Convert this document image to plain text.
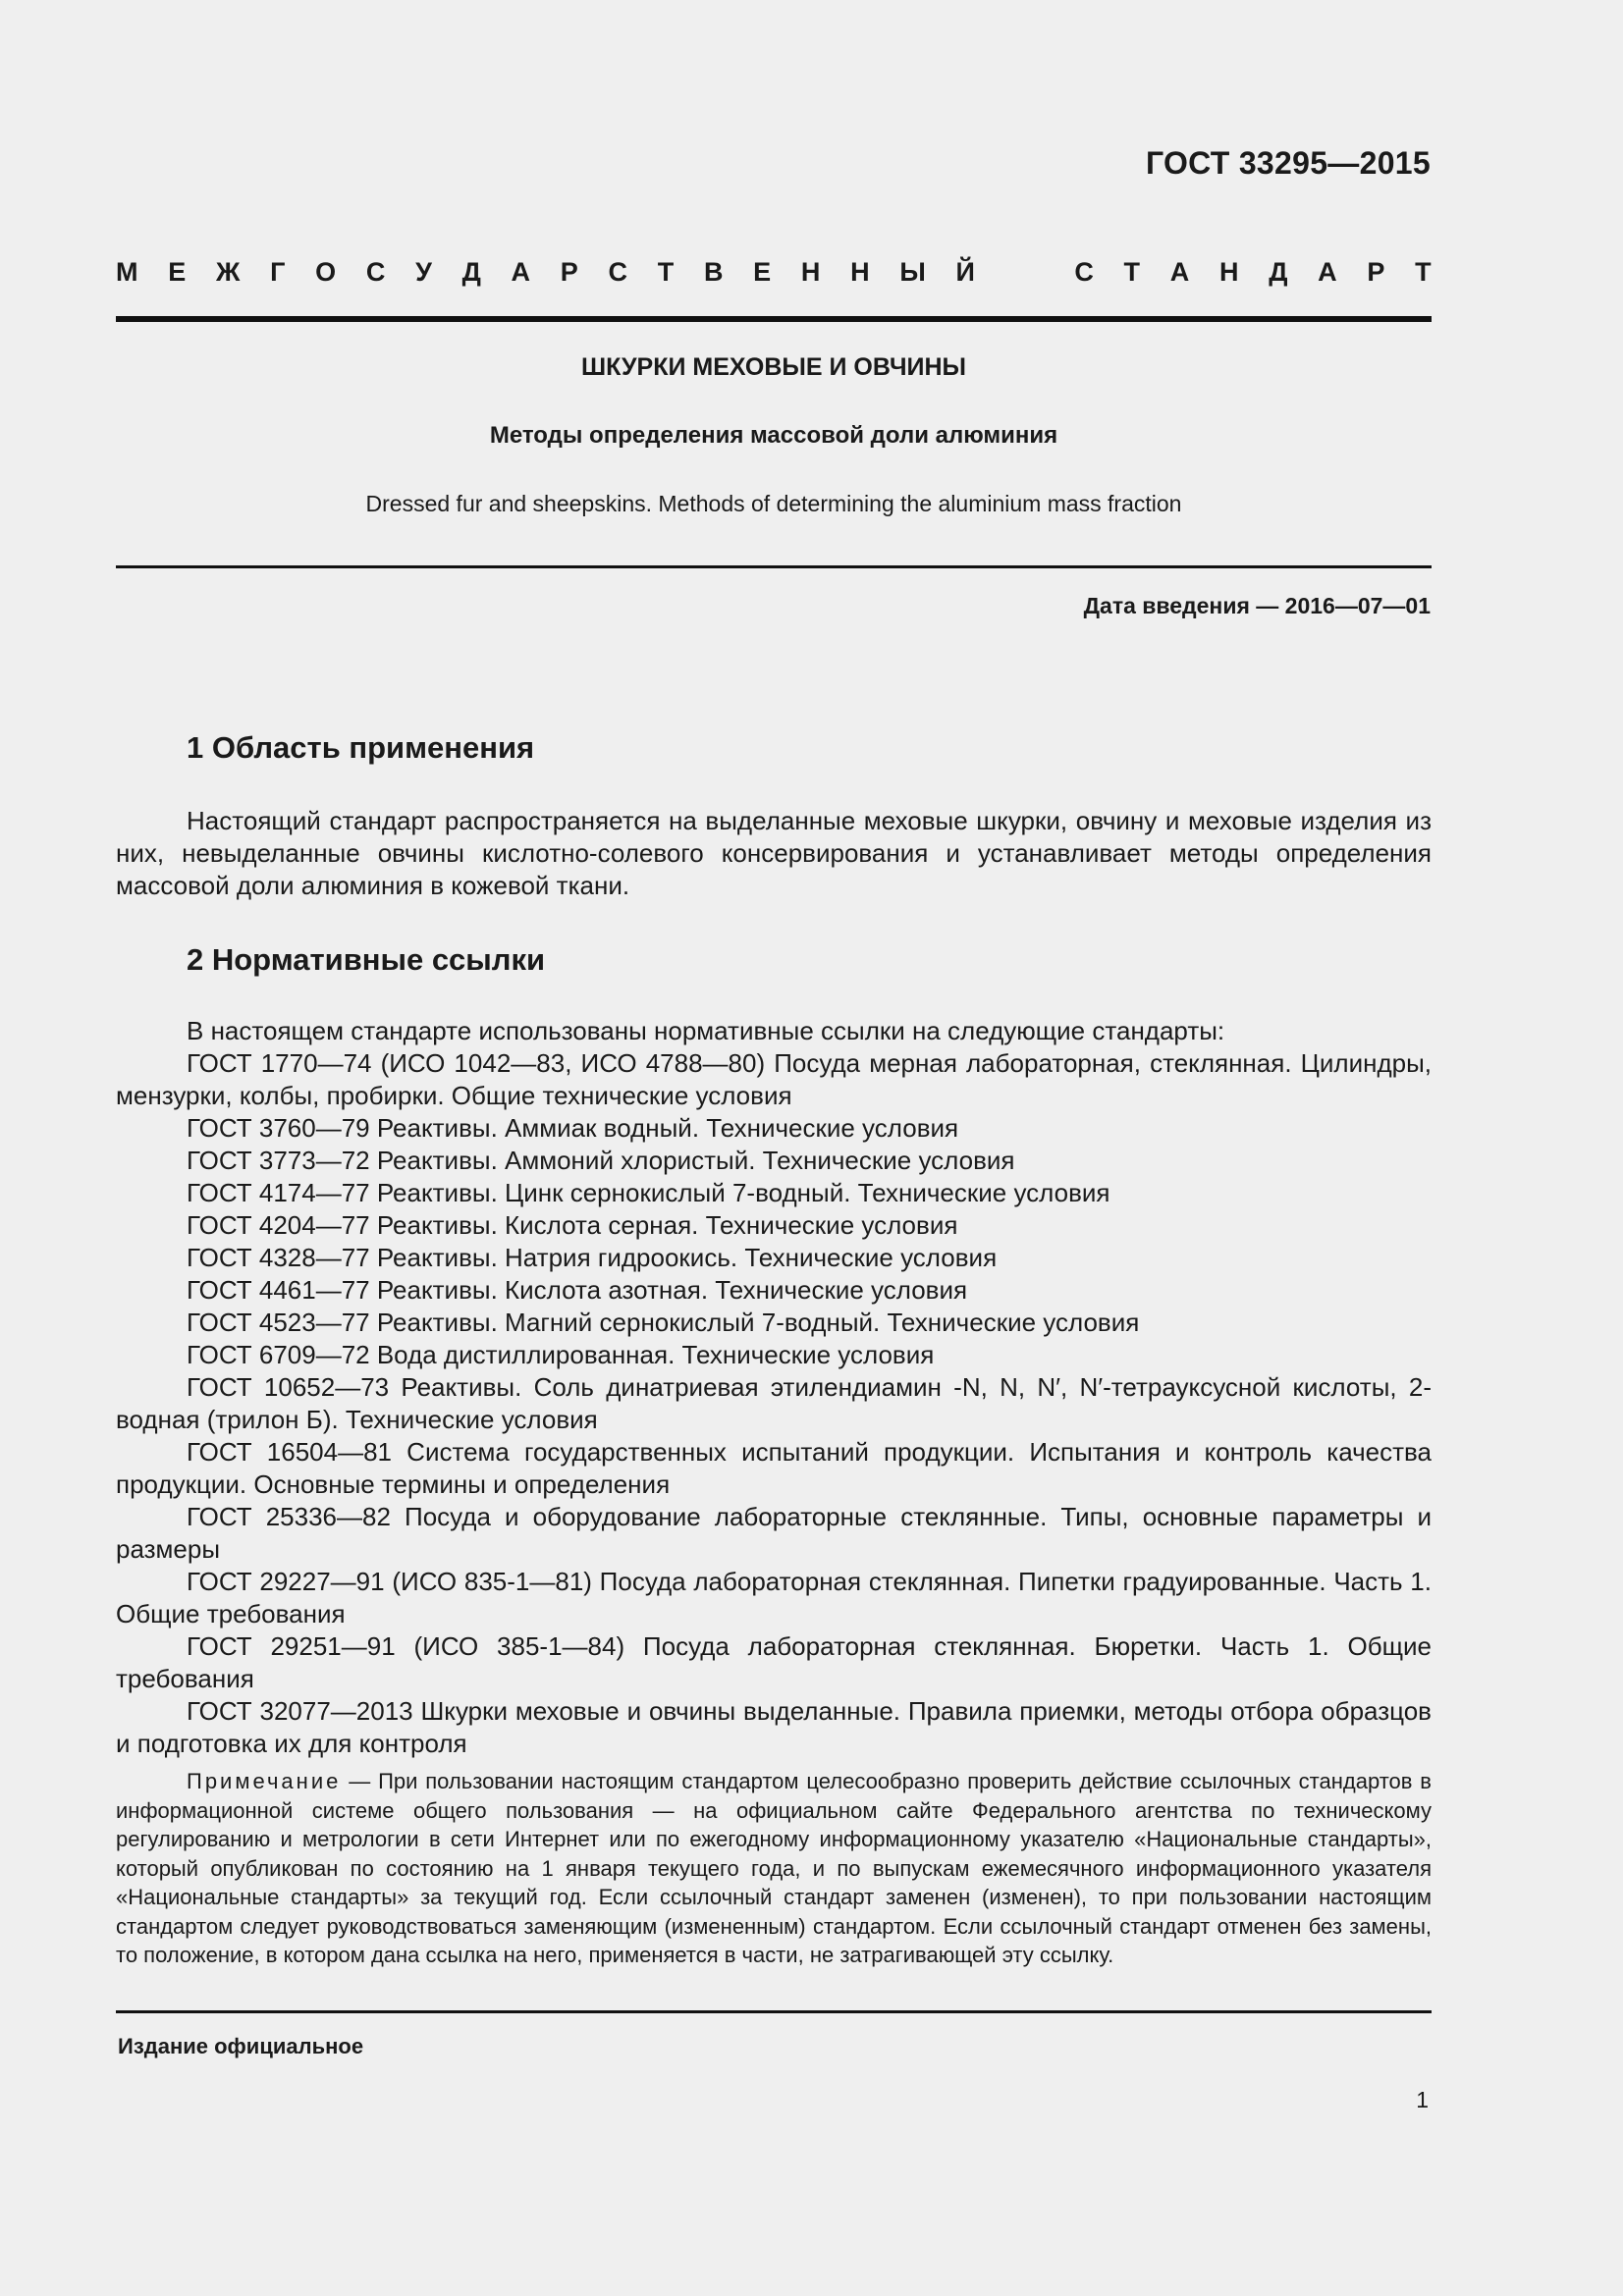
ГОСТ 33295—2015
М Е Ж Г О С У Д А Р С Т В Е Н Н Ы Й	С Т А Н Д А Р Т
ШКУРКИ МЕХОВЫЕ И ОВЧИНЫ
Методы определения массовой доли алюминия
Dressed fur and sheepskins. Methods of determining the aluminium mass fraction
Дата введения — 2016—07—01
1 Область применения
Настоящий стандарт распространяется на выделанные меховые шкурки, овчину и меховые изделия из них, невыделанные овчины кислотно-солевого консервирования и устанавливает методы определения массовой доли алюминия в кожевой ткани.
2 Нормативные ссылки

В настоящем стандарте использованы нормативные ссылки на следующие стандарты:

ГОСТ 1770—74 (ИСО 1042—83, ИСО 4788—80) Посуда мерная лабораторная, стеклянная. Цилиндры, мензурки, колбы, пробирки. Общие технические условия

ГОСТ 3760—79 Реактивы. Аммиак водный. Технические условия

ГОСТ 3773—72 Реактивы. Аммоний хлористый. Технические условия

ГОСТ 4174—77 Реактивы. Цинк сернокислый 7-водный. Технические условия

ГОСТ 4204—77 Реактивы. Кислота серная. Технические условия

ГОСТ 4328—77 Реактивы. Натрия гидроокись. Технические условия

ГОСТ 4461—77 Реактивы. Кислота азотная. Технические условия

ГОСТ 4523—77 Реактивы. Магний сернокислый 7-водный. Технические условия

ГОСТ 6709—72 Вода дистиллированная. Технические условия

ГОСТ 10652—73 Реактивы. Соль динатриевая этилендиамин -N, N, N′, N′-тетрауксусной кислоты, 2-водная (трилон Б). Технические условия

ГОСТ 16504—81 Система государственных испытаний продукции. Испытания и контроль качества продукции. Основные термины и определения

ГОСТ 25336—82 Посуда и оборудование лабораторные стеклянные. Типы, основные параметры и размеры

ГОСТ 29227—91 (ИСО 835-1—81) Посуда лабораторная стеклянная. Пипетки градуированные. Часть 1. Общие требования

ГОСТ 29251—91 (ИСО 385-1—84) Посуда лабораторная стеклянная. Бюретки. Часть 1. Общие требования

ГОСТ 32077—2013 Шкурки меховые и овчины выделанные. Правила приемки, методы отбора образцов и подготовка их для контроля

Примечание — При пользовании настоящим стандартом целесообразно проверить действие ссылочных стандартов в информационной системе общего пользования — на официальном сайте Федерального агентства по техническому регулированию и метрологии в сети Интернет или по ежегодному информационному указателю «Национальные стандарты», который опубликован по состоянию на 1 января текущего года, и по выпускам ежемесячного информационного указателя «Национальные стандарты» за текущий год. Если ссылочный стандарт заменен (изменен), то при пользовании настоящим стандартом следует руководствоваться заменяющим (измененным) стандартом. Если ссылочный стандарт отменен без замены, то положение, в котором дана ссылка на него, применяется в части, не затрагивающей эту ссылку.
Издание официальное
1
